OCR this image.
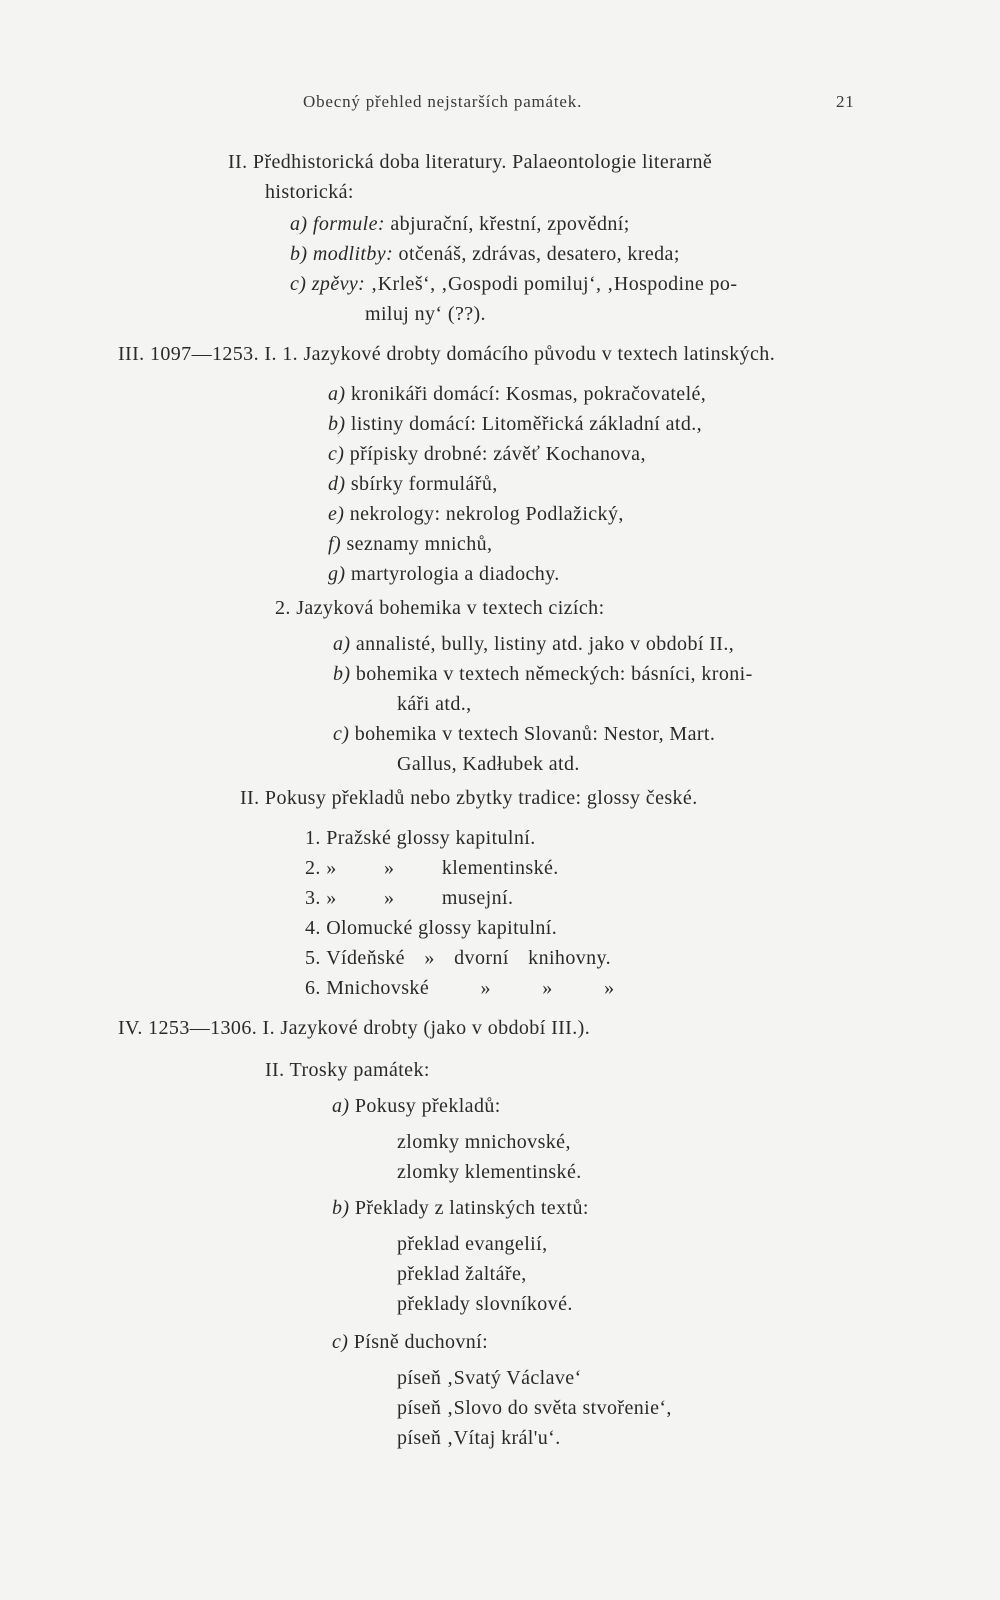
Obecný přehled nejstarších památek.	21
II. Předhistorická doba literatury. Palaeontologie literarně
historická:
a) formule: abjurační, křestní, zpovědní;
b) modlitby: otčenáš, zdrávas, desatero, kreda;
c) zpěvy: ‚Krleš‘, ‚Gospodi pomiluj‘, ‚Hospodine po-
miluj ny‘ (??).
III. 1097—1253. I. 1. Jazykové drobty domácího původu v textech latinských.
a) kronikáři domácí: Kosmas, pokračovatelé,
b) listiny domácí: Litoměřická základní atd.,
c) přípisky drobné: závěť Kochanova,
d) sbírky formulářů,
e) nekrology: nekrolog Podlažický,
f) seznamy mnichů,
g) martyrologia a diadochy.
2. Jazyková bohemika v textech cizích:
a) annalisté, bully, listiny atd. jako v období II.,
b) bohemika v textech německých: básníci, kroni-
káři atd.,
c) bohemika v textech Slovanů: Nestor, Mart.
Gallus, Kadłubek atd.
II. Pokusy překladů nebo zbytky tradice: glossy české.
1. Pražské glossy kapitulní.
2. » » klementinské.
3. » » musejní.
4. Olomucké glossy kapitulní.
5. Vídeňské » dvorní knihovny.
6. Mnichovské » » »
IV. 1253—1306. I. Jazykové drobty (jako v období III.).
II. Trosky památek:
a) Pokusy překladů:
zlomky mnichovské,
zlomky klementinské.
b) Překlady z latinských textů:
překlad evangelií,
překlad žaltáře,
překlady slovníkové.
c) Písně duchovní:
píseň ‚Svatý Václave‘
píseň ‚Slovo do světa stvořenie‘,
píseň ‚Vítaj král'u‘.
